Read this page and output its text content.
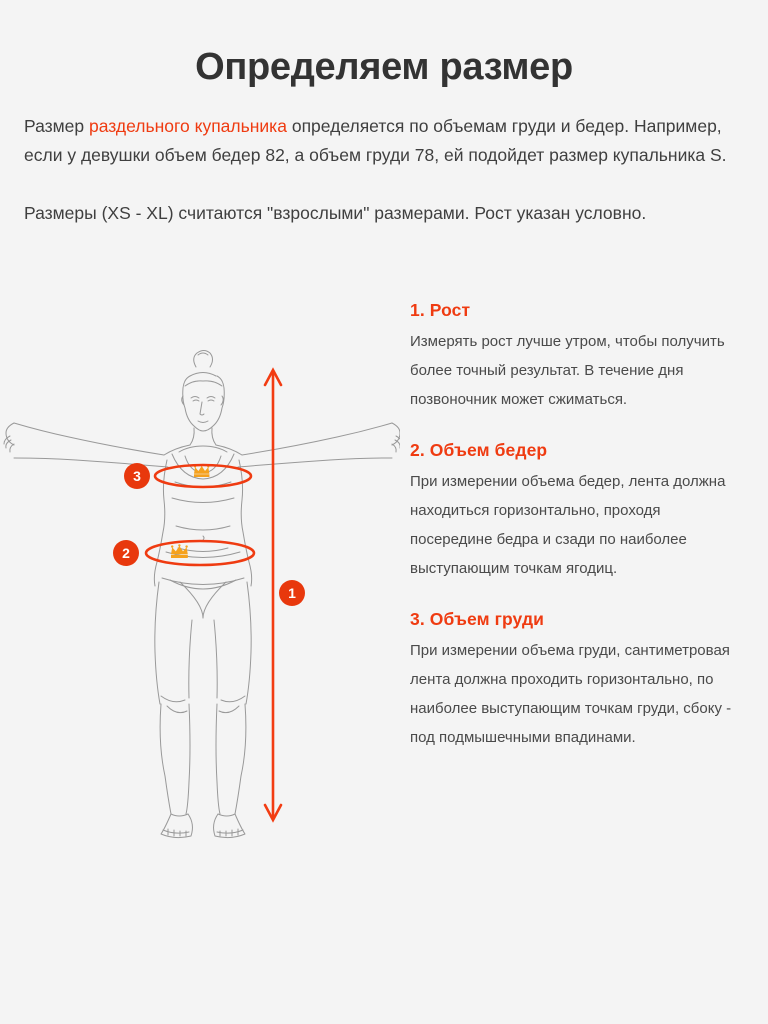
Определяем размер

Размер раздельного купальника определяется по объемам груди и бедер. Например, если у девушки объем бедер 82, а объем груди 78, ей подойдет размер купальника S.

Размеры (XS - XL) считаются "взрослыми" размерами. Рост указан условно.

1
2
3
1. Рост

Измерять рост лучше утром, чтобы получить более точный результат. В течение дня позвоночник может сжиматься.

2. Объем бедер

При измерении объема бедер, лента должна находиться горизонтально, проходя посередине бедра и сзади по наиболее выступающим точкам ягодиц.

3. Объем груди

При измерении объема груди, сантиметровая лента должна проходить горизонтально, по наиболее выступающим точкам груди, сбоку - под подмышечными впадинами.
